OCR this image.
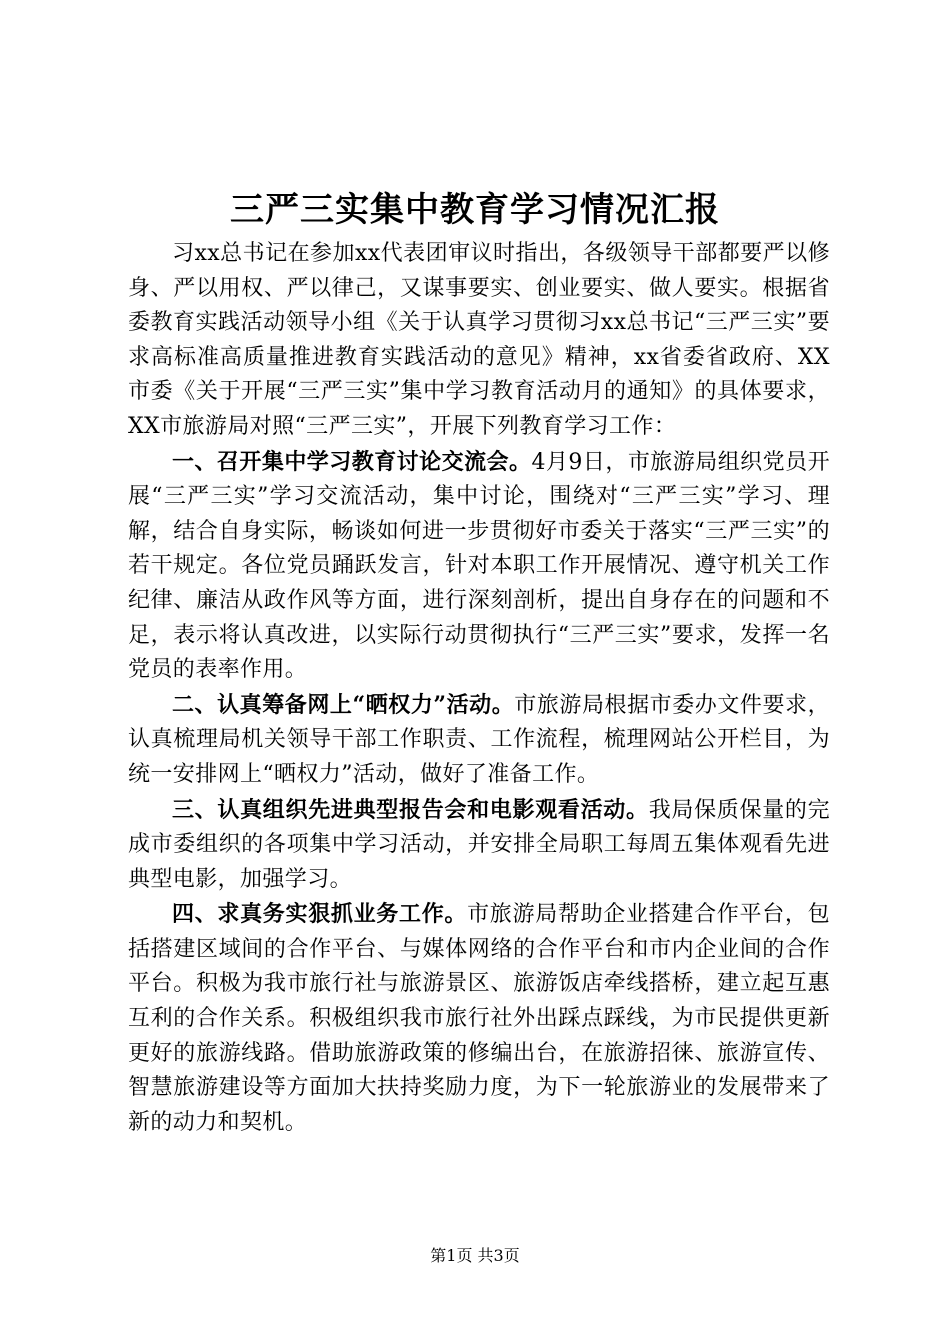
三严三实集中教育学习情况汇报

习xx总书记在参加xx代表团审议时指出，各级领导干部都要严以修身、严以用权、严以律己，又谋事要实、创业要实、做人要实。根据省委教育实践活动领导小组《关于认真学习贯彻习xx总书记“三严三实”要求高标准高质量推进教育实践活动的意见》精神，xx省委省政府、XX市委《关于开展“三严三实”集中学习教育活动月的通知》的具体要求，XX市旅游局对照“三严三实”，开展下列教育学习工作：

一、召开集中学习教育讨论交流会。4月9日，市旅游局组织党员开展“三严三实”学习交流活动，集中讨论，围绕对“三严三实”学习、理解，结合自身实际，畅谈如何进一步贯彻好市委关于落实“三严三实”的若干规定。各位党员踊跃发言，针对本职工作开展情况、遵守机关工作纪律、廉洁从政作风等方面，进行深刻剖析，提出自身存在的问题和不足，表示将认真改进，以实际行动贯彻执行“三严三实”要求，发挥一名党员的表率作用。

二、认真筹备网上“晒权力”活动。市旅游局根据市委办文件要求，认真梳理局机关领导干部工作职责、工作流程，梳理网站公开栏目，为统一安排网上“晒权力”活动，做好了准备工作。

三、认真组织先进典型报告会和电影观看活动。我局保质保量的完成市委组织的各项集中学习活动，并安排全局职工每周五集体观看先进典型电影，加强学习。

四、求真务实狠抓业务工作。市旅游局帮助企业搭建合作平台，包括搭建区域间的合作平台、与媒体网络的合作平台和市内企业间的合作平台。积极为我市旅行社与旅游景区、旅游饭店牵线搭桥，建立起互惠互利的合作关系。积极组织我市旅行社外出踩点踩线，为市民提供更新更好的旅游线路。借助旅游政策的修编出台，在旅游招徕、旅游宣传、智慧旅游建设等方面加大扶持奖励力度，为下一轮旅游业的发展带来了新的动力和契机。

第1页 共3页
